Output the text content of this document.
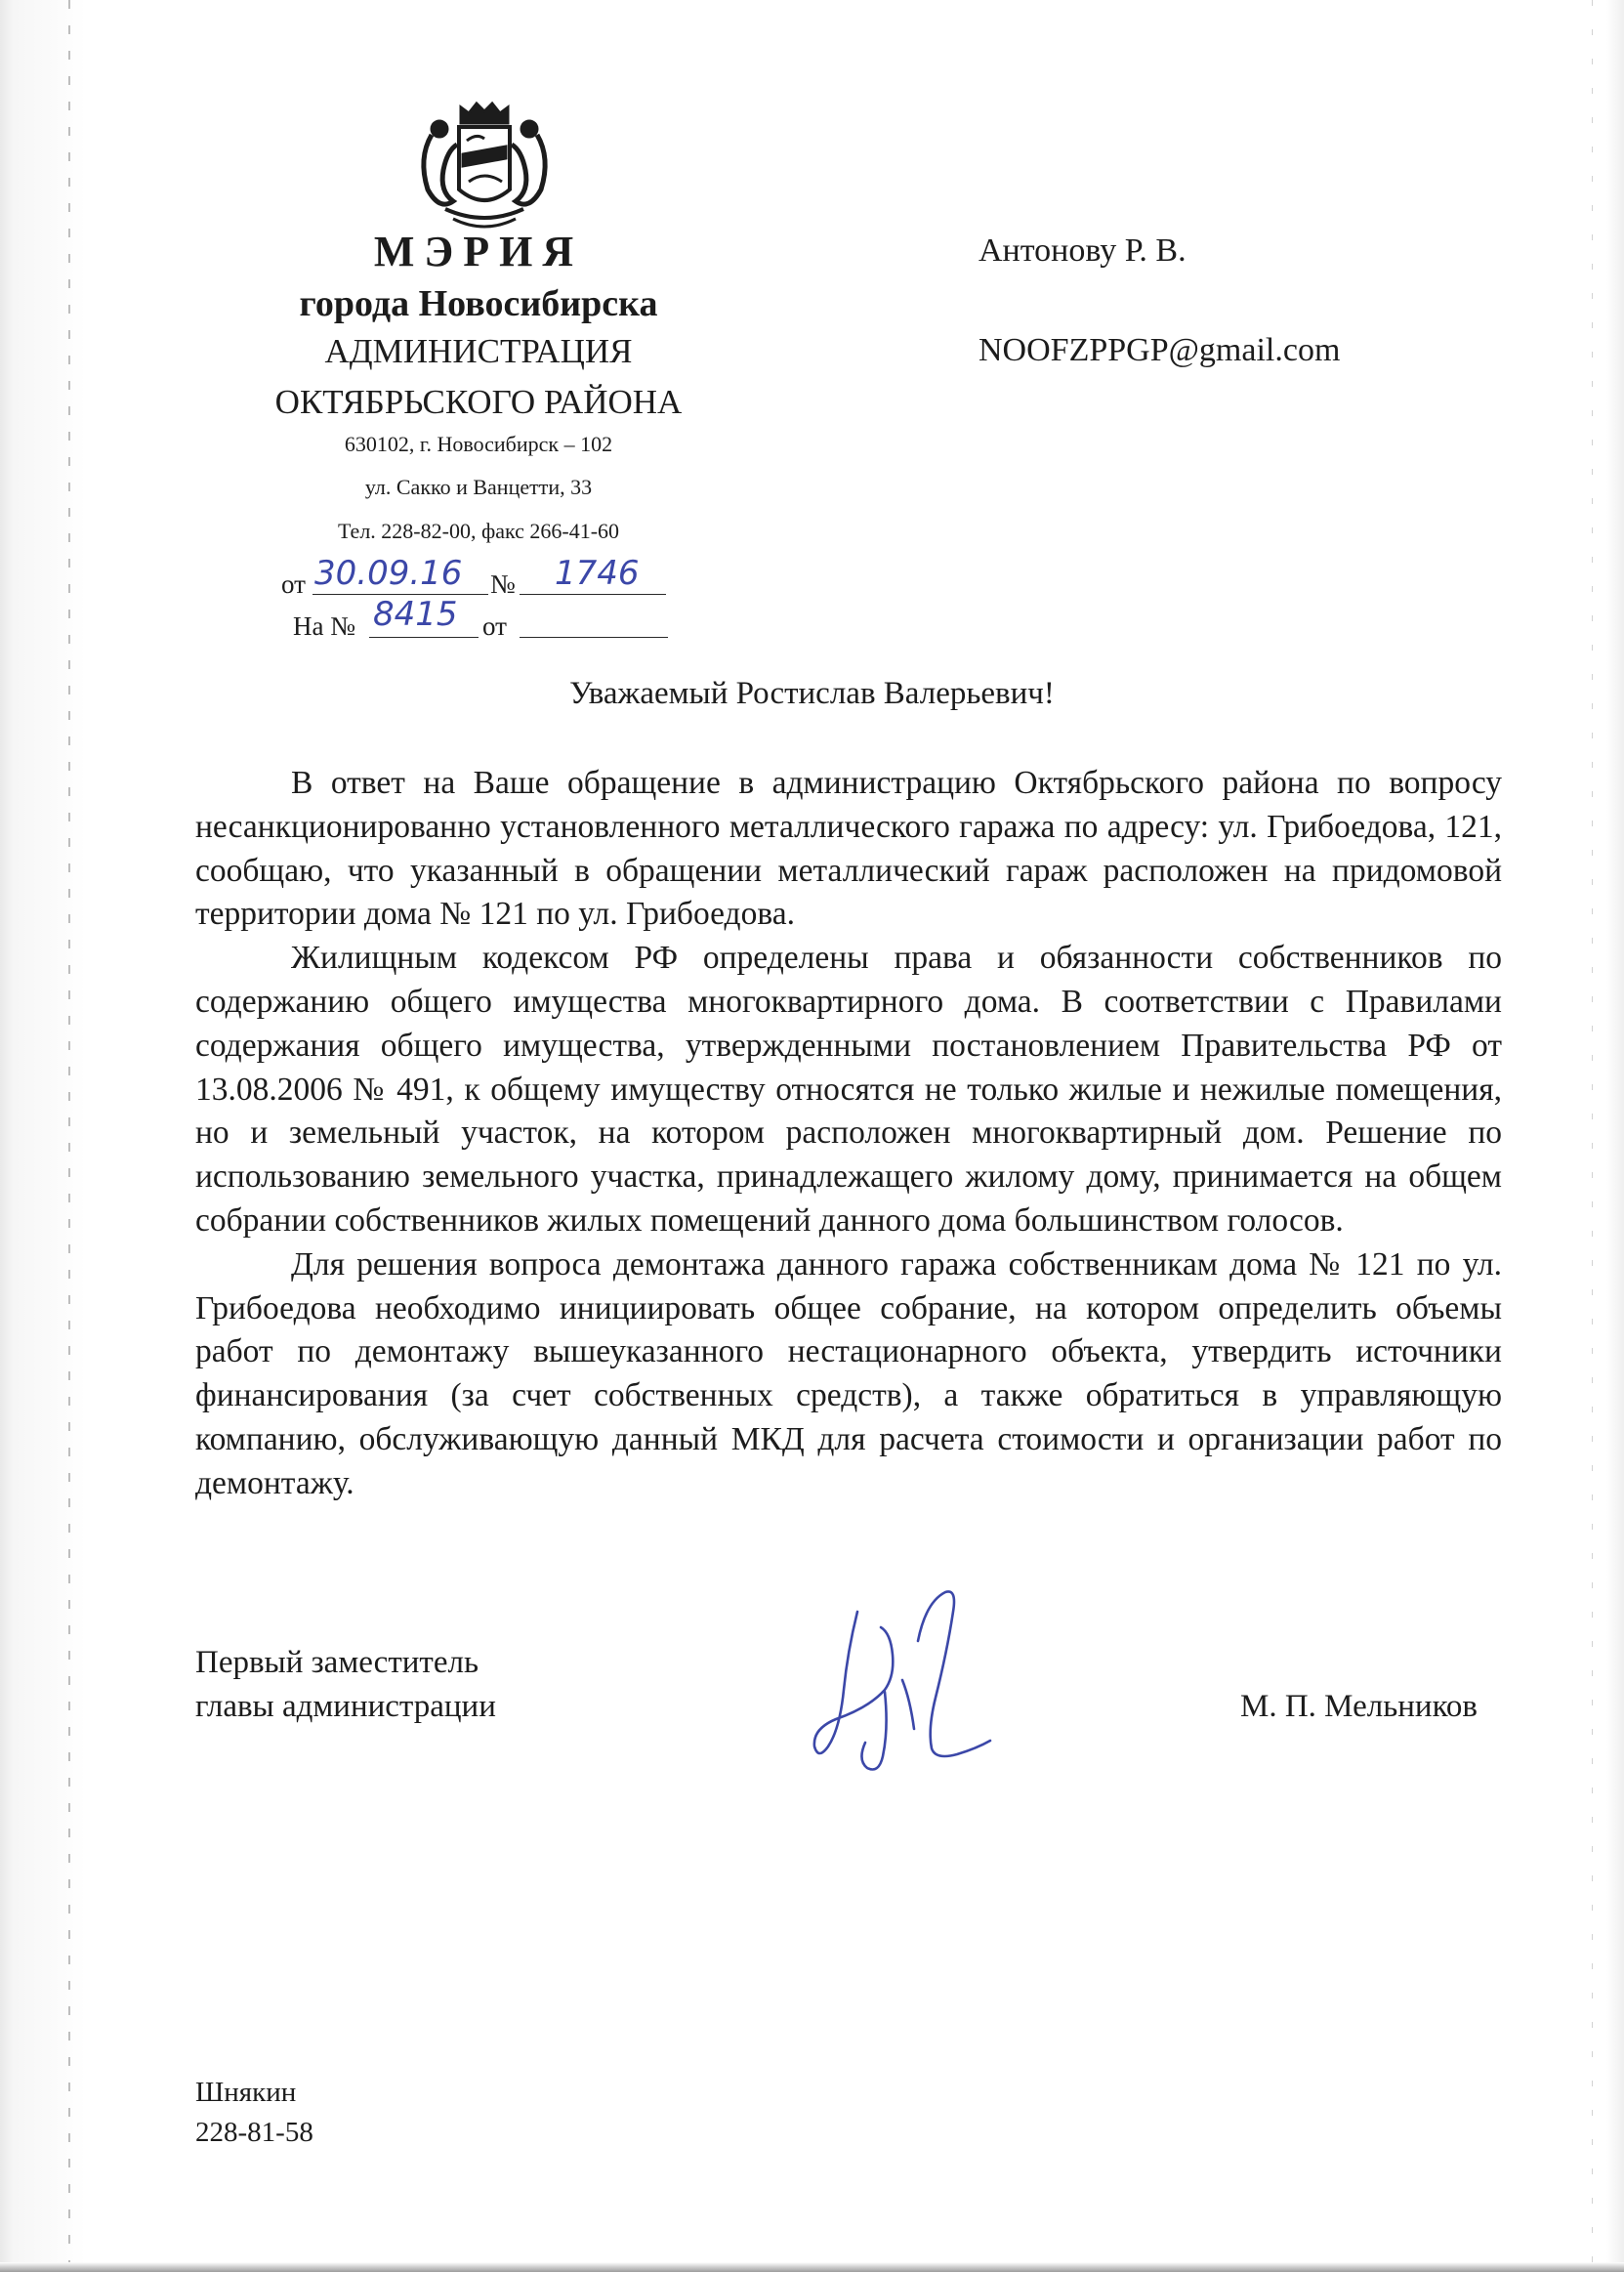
МЭРИЯ
города Новосибирска
АДМИНИСТРАЦИЯ
ОКТЯБРЬСКОГО РАЙОНА
630102, г. Новосибирск – 102
ул. Сакко и Ванцетти, 33
Тел. 228-82-00, факс 266-41-60
от 30.09.16 № 1746
На № 8415 от
Антонову Р. В.
NOOFZPPGP@gmail.com
Уважаемый Ростислав Валерьевич!

В ответ на Ваше обращение в администрацию Октябрьского района по вопросу несанкционированно установленного металлического гаража по адресу: ул. Грибоедова, 121, сообщаю, что указанный в обращении металлический гараж расположен на придомовой территории дома № 121 по ул. Грибоедова.

Жилищным кодексом РФ определены права и обязанности собственников по содержанию общего имущества многоквартирного дома. В соответствии с Правилами содержания общего имущества, утвержденными постановлением Правительства РФ от 13.08.2006 № 491, к общему имуществу относятся не только жилые и нежилые помещения, но и земельный участок, на котором расположен многоквартирный дом. Решение по использованию земельного участка, принадлежащего жилому дому, принимается на общем собрании собственников жилых помещений данного дома большинством голосов.

Для решения вопроса демонтажа данного гаража собственникам дома № 121 по ул. Грибоедова необходимо инициировать общее собрание, на котором определить объемы работ по демонтажу вышеуказанного нестационарного объекта, утвердить источники финансирования (за счет собственных средств), а также обратиться в управляющую компанию, обслуживающую данный МКД для расчета стоимости и организации работ по демонтажу.

Первый заместитель
главы администрации	М. П. Мельников
Шнякин
228-81-58
